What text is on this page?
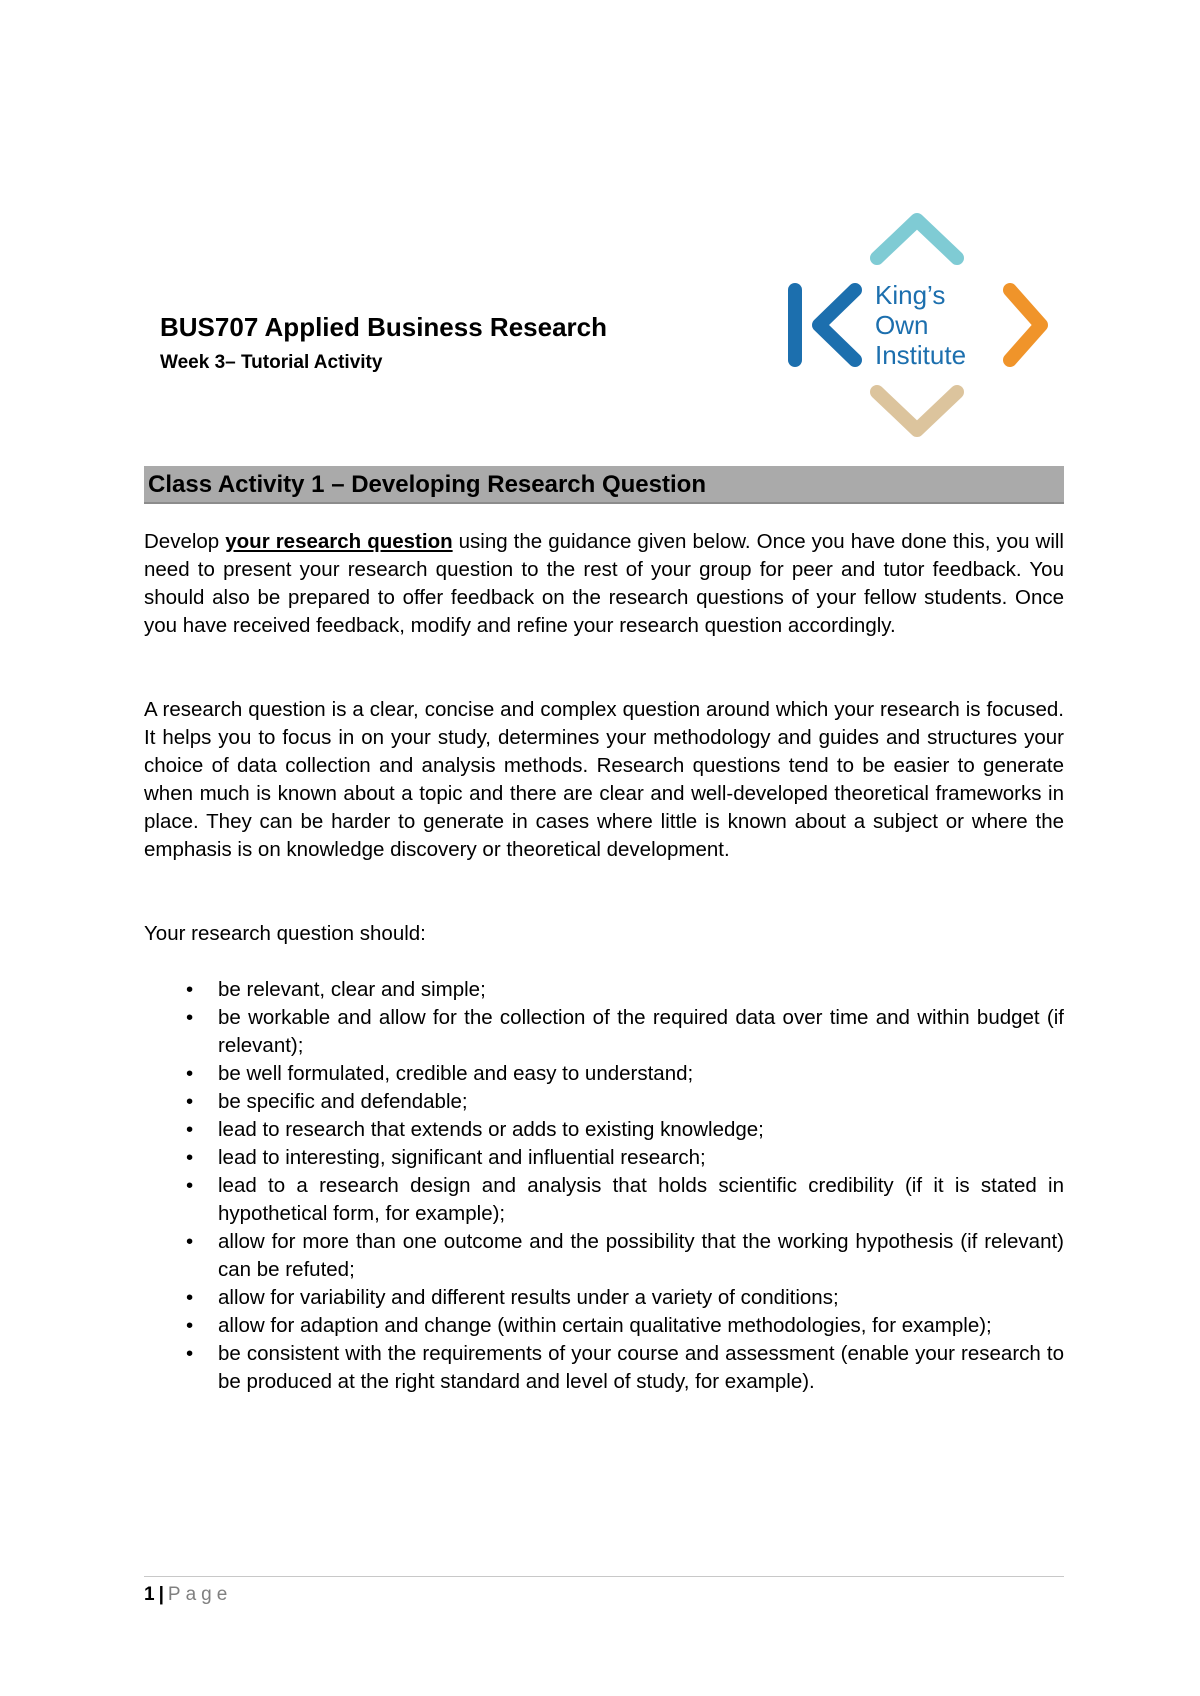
BUS707 Applied Business Research

Week 3– Tutorial Activity

King’s
Own
Institute
Class Activity 1 – Developing Research Question

Develop your research question using the guidance given below. Once you have done this, you will need to present your research question to the rest of your group for peer and tutor feedback. You should also be prepared to offer feedback on the research questions of your fellow students. Once you have received feedback, modify and refine your research question accordingly.

A research question is a clear, concise and complex question around which your research is focused. It helps you to focus in on your study, determines your methodology and guides and structures your choice of data collection and analysis methods. Research questions tend to be easier to generate when much is known about a topic and there are clear and well-developed theoretical frameworks in place. They can be harder to generate in cases where little is known about a subject or where the emphasis is on knowledge discovery or theoretical development.

Your research question should:

• be relevant, clear and simple;
• be workable and allow for the collection of the required data over time and within budget (if relevant);
• be well formulated, credible and easy to understand;
• be specific and defendable;
• lead to research that extends or adds to existing knowledge;
• lead to interesting, significant and influential research;
• lead to a research design and analysis that holds scientific credibility (if it is stated in hypothetical form, for example);
• allow for more than one outcome and the possibility that the working hypothesis (if relevant) can be refuted;
• allow for variability and different results under a variety of conditions;
• allow for adaption and change (within certain qualitative methodologies, for example);
• be consistent with the requirements of your course and assessment (enable your research to be produced at the right standard and level of study, for example).
1 | Page
